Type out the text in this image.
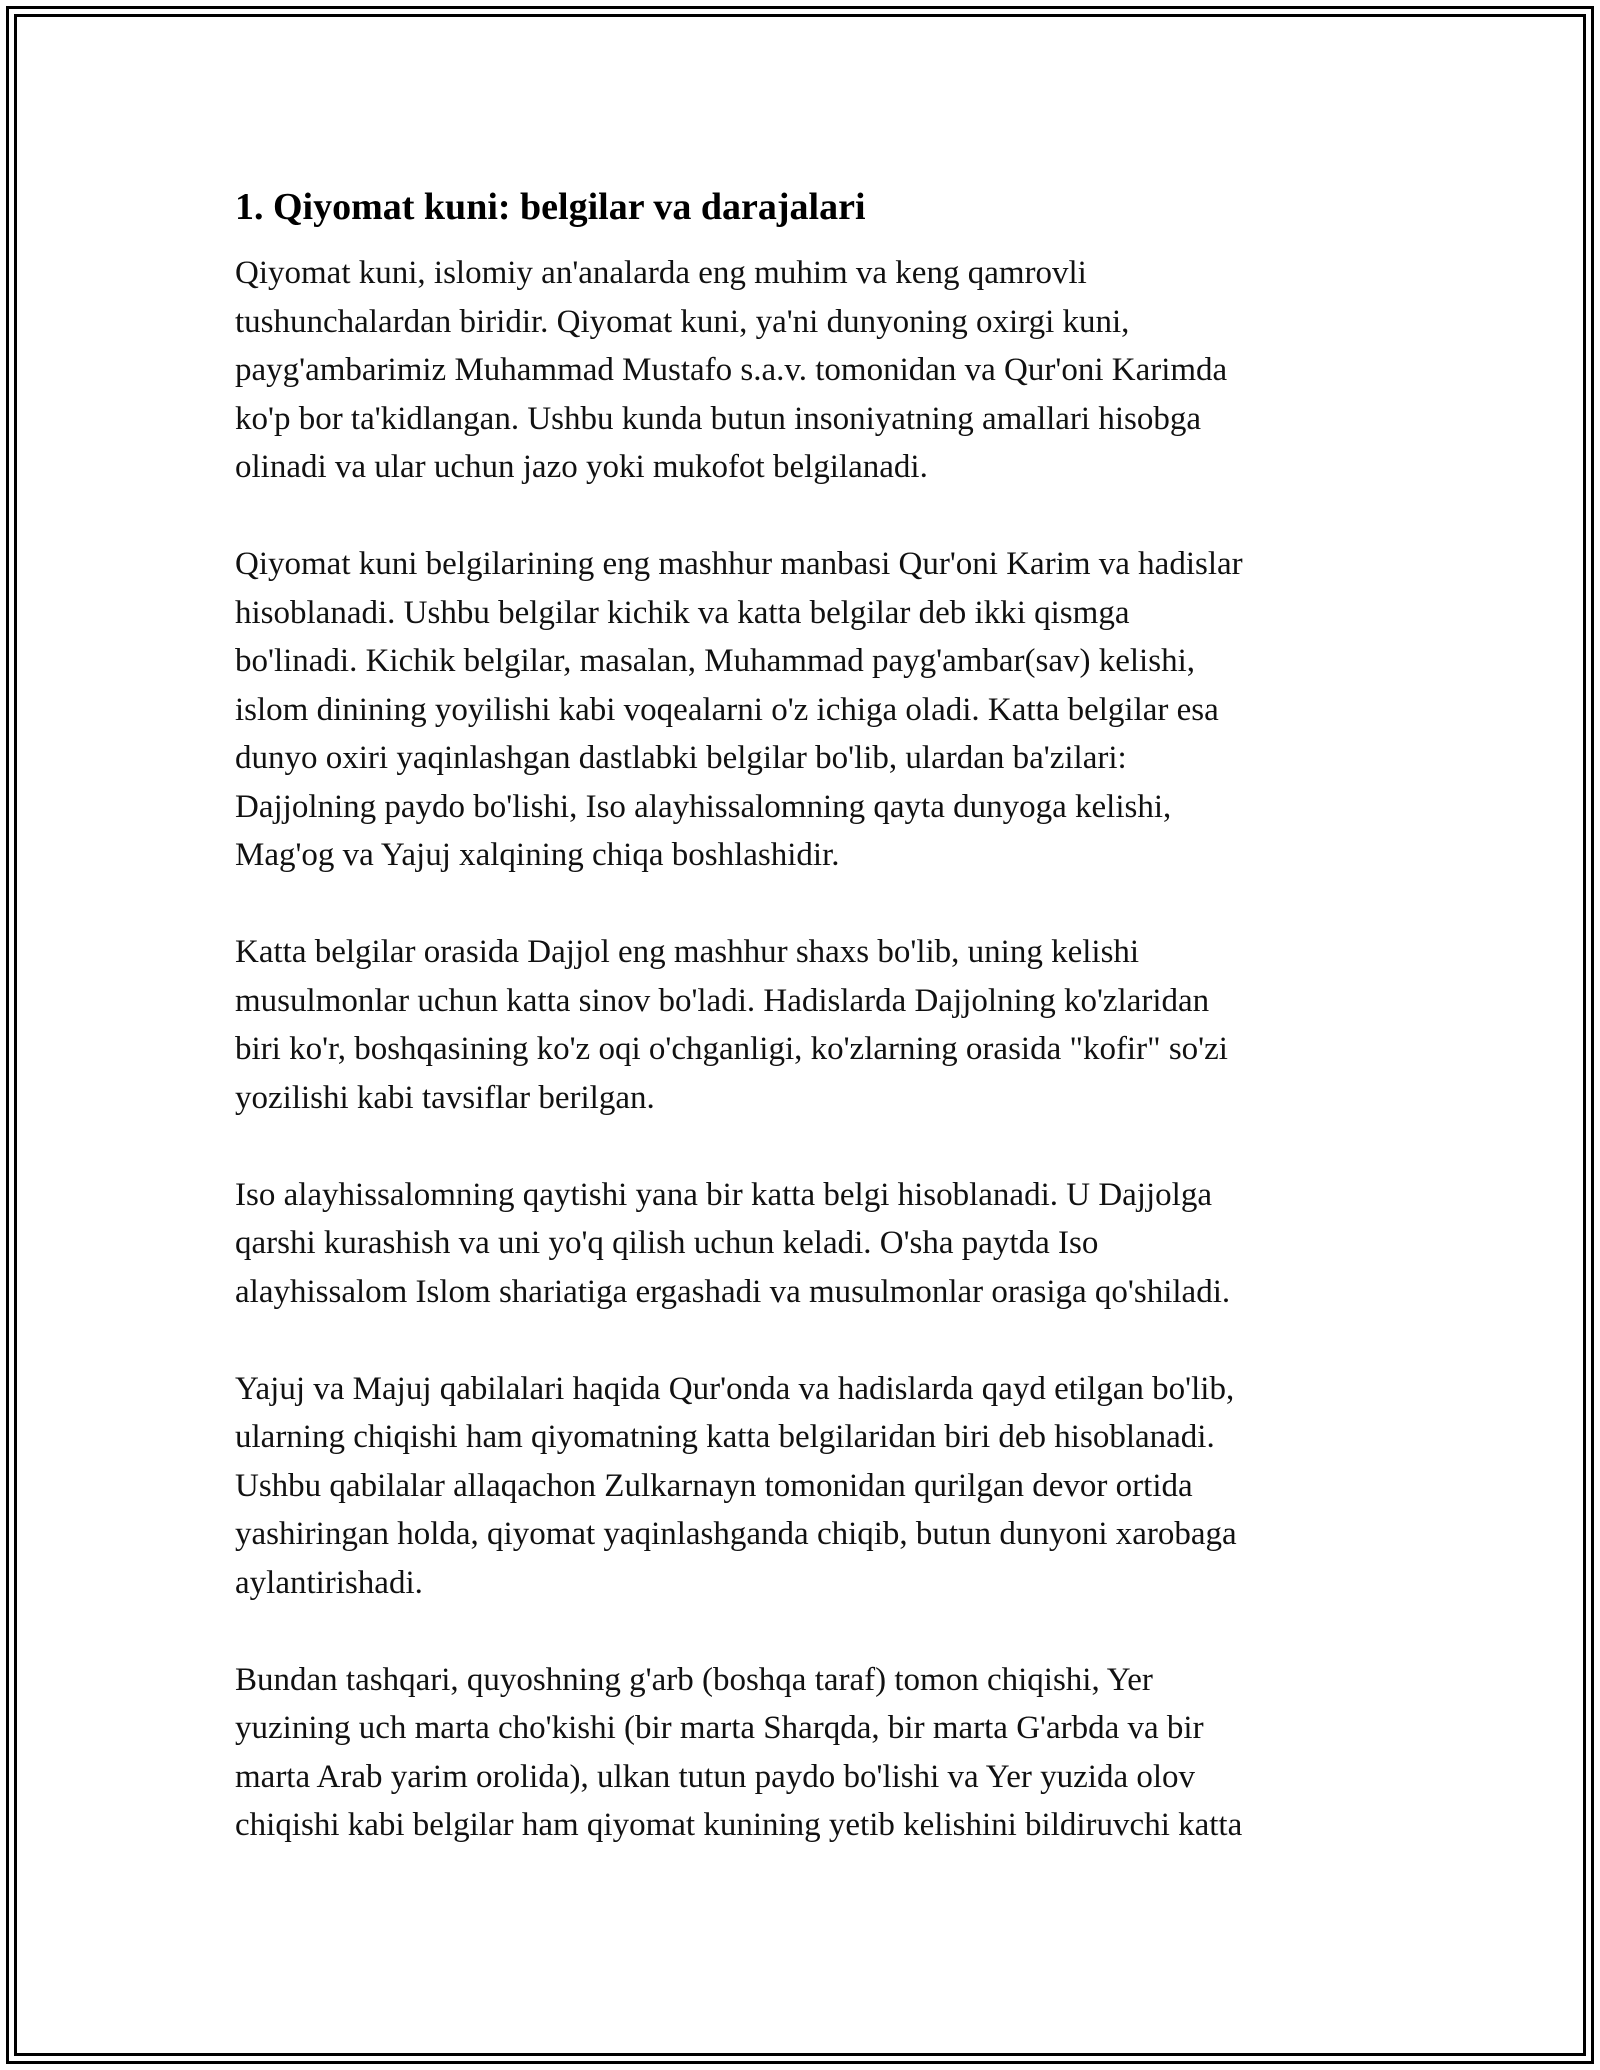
1. Qiyomat kuni: belgilar va darajalari

Qiyomat kuni, islomiy an'analarda eng muhim va keng qamrovli
tushunchalardan biridir. Qiyomat kuni, ya'ni dunyoning oxirgi kuni,
payg'ambarimiz Muhammad Mustafo s.a.v. tomonidan va Qur'oni Karimda
ko'p bor ta'kidlangan. Ushbu kunda butun insoniyatning amallari hisobga
olinadi va ular uchun jazo yoki mukofot belgilanadi.

Qiyomat kuni belgilarining eng mashhur manbasi Qur'oni Karim va hadislar
hisoblanadi. Ushbu belgilar kichik va katta belgilar deb ikki qismga
bo'linadi. Kichik belgilar, masalan, Muhammad payg'ambar(sav) kelishi,
islom dinining yoyilishi kabi voqealarni o'z ichiga oladi. Katta belgilar esa
dunyo oxiri yaqinlashgan dastlabki belgilar bo'lib, ulardan ba'zilari:
Dajjolning paydo bo'lishi, Iso alayhissalomning qayta dunyoga kelishi,
Mag'og va Yajuj xalqining chiqa boshlashidir.

Katta belgilar orasida Dajjol eng mashhur shaxs bo'lib, uning kelishi
musulmonlar uchun katta sinov bo'ladi. Hadislarda Dajjolning ko'zlaridan
biri ko'r, boshqasining ko'z oqi o'chganligi, ko'zlarning orasida "kofir" so'zi
yozilishi kabi tavsiflar berilgan.

Iso alayhissalomning qaytishi yana bir katta belgi hisoblanadi. U Dajjolga
qarshi kurashish va uni yo'q qilish uchun keladi. O'sha paytda Iso
alayhissalom Islom shariatiga ergashadi va musulmonlar orasiga qo'shiladi.

Yajuj va Majuj qabilalari haqida Qur'onda va hadislarda qayd etilgan bo'lib,
ularning chiqishi ham qiyomatning katta belgilaridan biri deb hisoblanadi.
Ushbu qabilalar allaqachon Zulkarnayn tomonidan qurilgan devor ortida
yashiringan holda, qiyomat yaqinlashganda chiqib, butun dunyoni xarobaga
aylantirishadi.

Bundan tashqari, quyoshning g'arb (boshqa taraf) tomon chiqishi, Yer
yuzining uch marta cho'kishi (bir marta Sharqda, bir marta G'arbda va bir
marta Arab yarim orolida), ulkan tutun paydo bo'lishi va Yer yuzida olov
chiqishi kabi belgilar ham qiyomat kunining yetib kelishini bildiruvchi katta
